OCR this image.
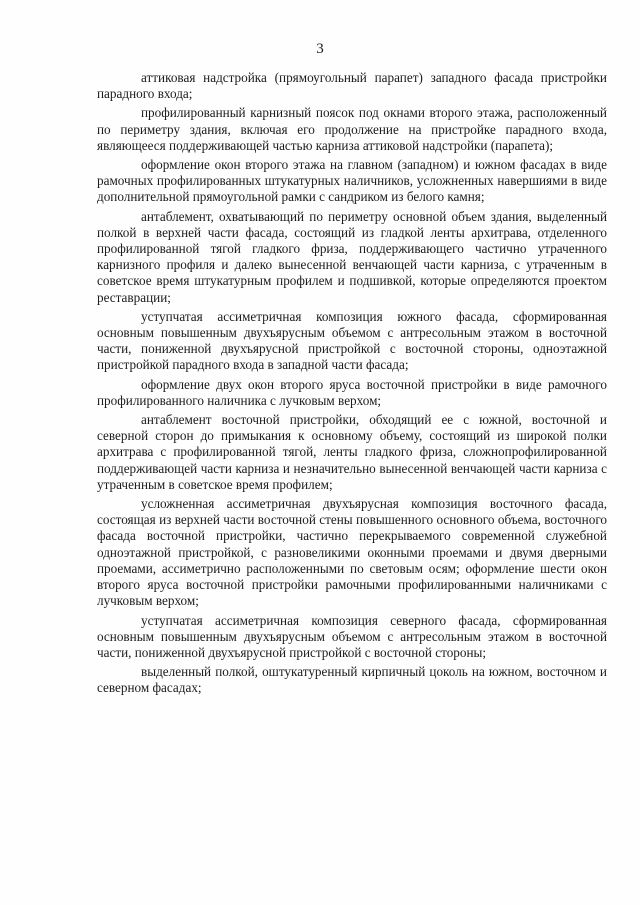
3

аттиковая надстройка (прямоугольный парапет) западного фасада пристройки парадного входа;

профилированный карнизный поясок под окнами второго этажа, расположенный по периметру здания, включая его продолжение на пристройке парадного входа, являющееся поддерживающей частью карниза аттиковой надстройки (парапета);

оформление окон второго этажа на главном (западном) и южном фасадах в виде рамочных профилированных штукатурных наличников, усложненных навершиями в виде дополнительной прямоугольной рамки с сандриком из белого камня;

антаблемент, охватывающий по периметру основной объем здания, выделенный полкой в верхней части фасада, состоящий из гладкой ленты архитрава, отделенного профилированной тягой гладкого фриза, поддерживающего частично утраченного карнизного профиля и далеко вынесенной венчающей части карниза, с утраченным в советское время штукатурным профилем и подшивкой, которые определяются проектом реставрации;

уступчатая ассиметричная композиция южного фасада, сформированная основным повышенным двухъярусным объемом с антресольным этажом в восточной части, пониженной двухъярусной пристройкой с восточной стороны, одноэтажной пристройкой парадного входа в западной части фасада;

оформление двух окон второго яруса восточной пристройки в виде рамочного профилированного наличника с лучковым верхом;

антаблемент восточной пристройки, обходящий ее с южной, восточной и северной сторон до примыкания к основному объему, состоящий из широкой полки архитрава с профилированной тягой, ленты гладкого фриза, сложнопрофилированной поддерживающей части карниза и незначительно вынесенной венчающей части карниза с утраченным в советское время профилем;

усложненная ассиметричная двухъярусная композиция восточного фасада, состоящая из верхней части восточной стены повышенного основного объема, восточного фасада восточной пристройки, частично перекрываемого современной служебной одноэтажной пристройкой, с разновеликими оконными проемами и двумя дверными проемами, ассиметрично расположенными по световым осям; оформление шести окон второго яруса восточной пристройки рамочными профилированными наличниками с лучковым верхом;

уступчатая ассиметричная композиция северного фасада, сформированная основным повышенным двухъярусным объемом с антресольным этажом в восточной части, пониженной двухъярусной пристройкой с восточной стороны;

выделенный полкой, оштукатуренный кирпичный цоколь на южном, восточном и северном фасадах;
